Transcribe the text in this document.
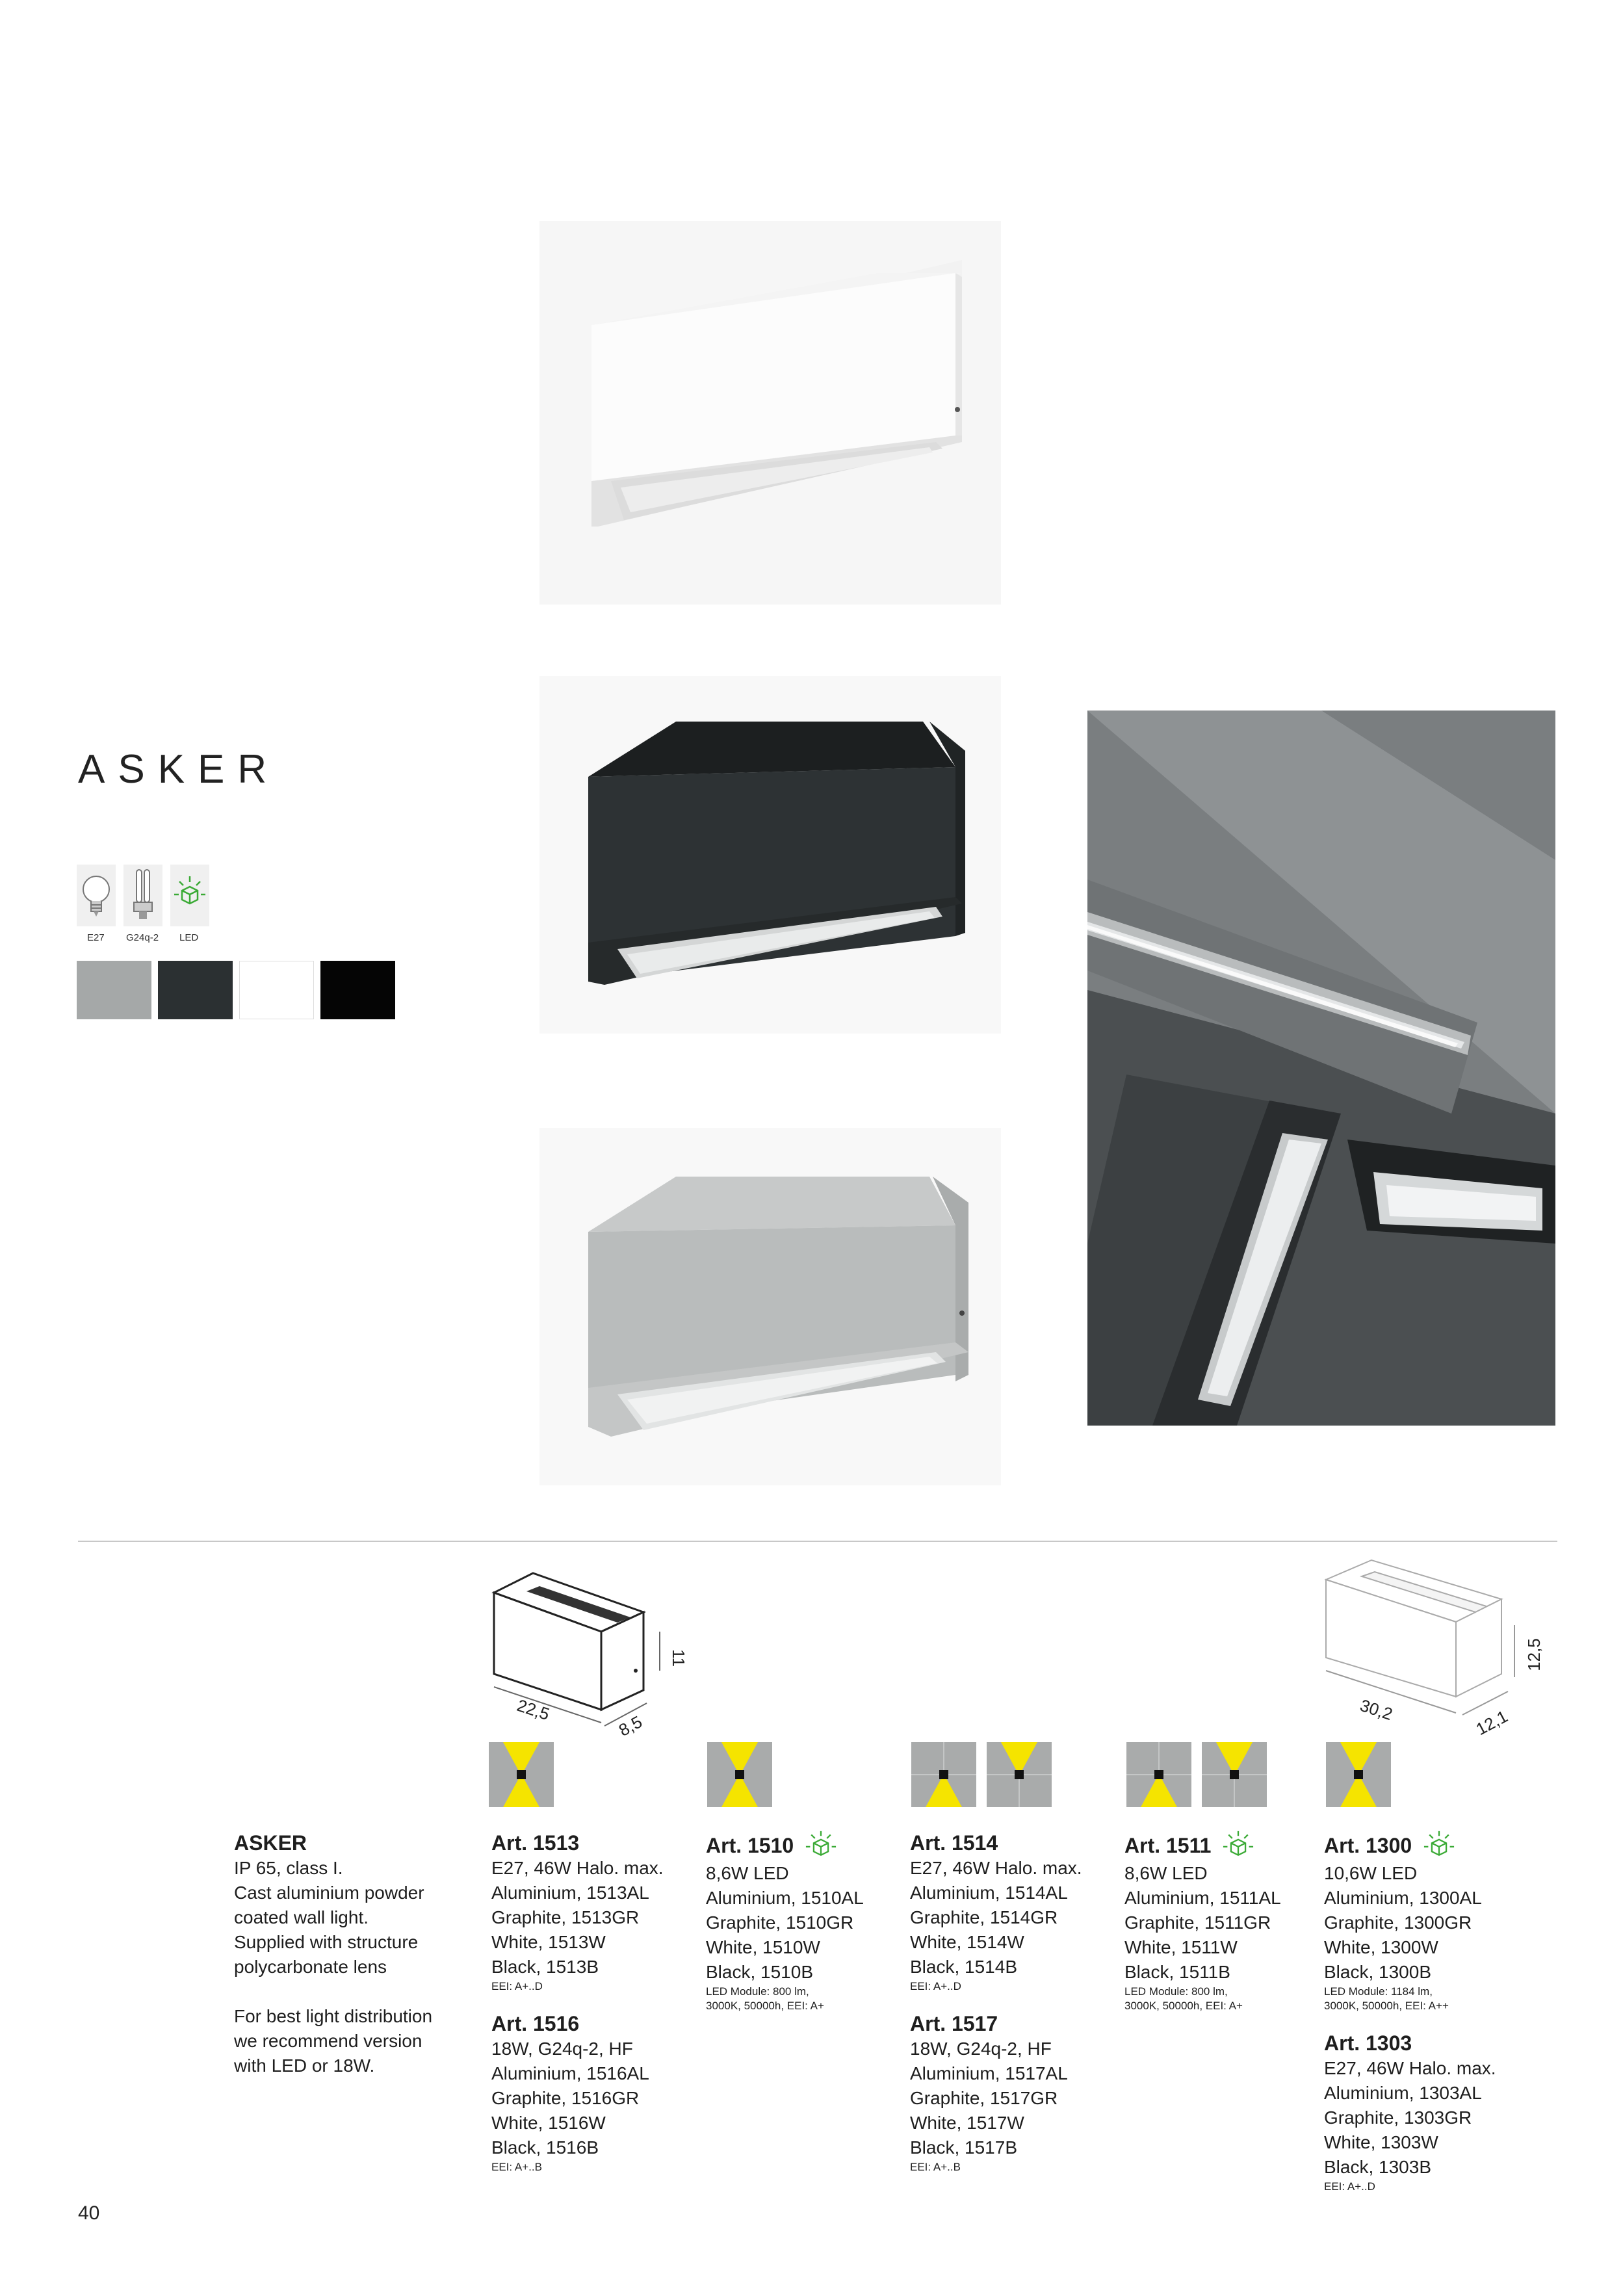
ASKER
E27 G24q-2 LED
11
22,5
8,5
12,5
30,2	12,1
ASKER
IP 65, class I.
Cast aluminium powder
coated wall light.
Supplied with structure
polycarbonate lens
For best light distribution
we recommend version
with LED or 18W.
Art. 1513
E27, 46W Halo. max.
Aluminium, 1513AL
Graphite, 1513GR
White, 1513W
Black, 1513B
EEI: A+..D
Art. 1516
18W, G24q-2, HF
Aluminium, 1516AL
Graphite, 1516GR
White, 1516W
Black, 1516B
EEI: A+..B
Art. 1510
8,6W LED
Aluminium, 1510AL
Graphite, 1510GR
White, 1510W
Black, 1510B
LED Module: 800 lm,
3000K, 50000h, EEI: A+
Art. 1514
E27, 46W Halo. max.
Aluminium, 1514AL
Graphite, 1514GR
White, 1514W
Black, 1514B
EEI: A+..D
Art. 1517
18W, G24q-2, HF
Aluminium, 1517AL
Graphite, 1517GR
White, 1517W
Black, 1517B
EEI: A+..B
Art. 1511
8,6W LED
Aluminium, 1511AL
Graphite, 1511GR
White, 1511W
Black, 1511B
LED Module: 800 lm,
3000K, 50000h, EEI: A+
Art. 1300
10,6W LED
Aluminium, 1300AL
Graphite, 1300GR
White, 1300W
Black, 1300B
LED Module: 1184 lm,
3000K, 50000h, EEI: A++
Art. 1303
E27, 46W Halo. max.
Aluminium, 1303AL
Graphite, 1303GR
White, 1303W
Black, 1303B
EEI: A+..D
40
